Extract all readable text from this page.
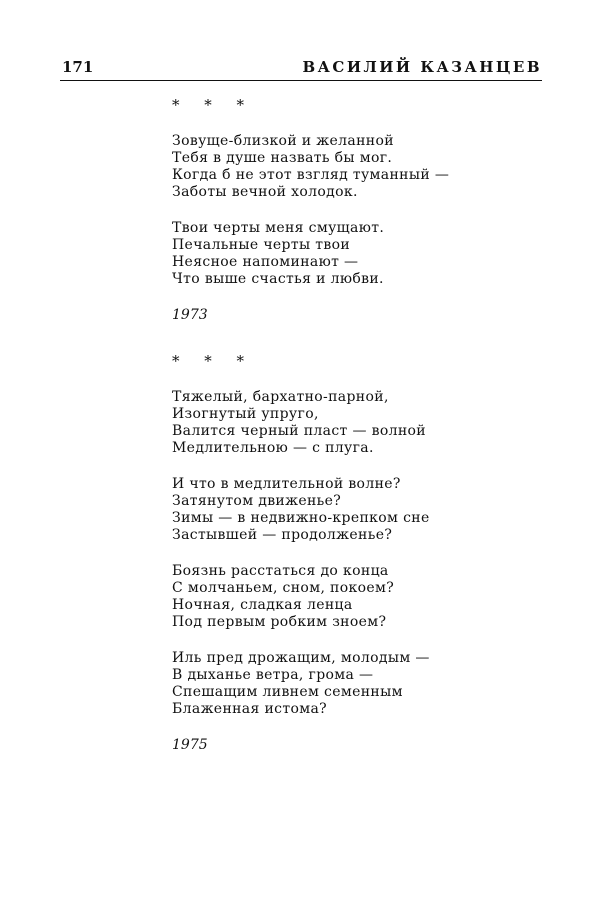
171	ВАСИЛИЙ КАЗАНЦЕВ
* * *
Зовуще-близкой и желанной
Тебя в душе назвать бы мог.
Когда б не этот взгляд туманный —
Заботы вечной холодок.
Твои черты меня смущают.
Печальные черты твои
Неясное напоминают —
Что выше счастья и любви.
1973
* * *
Тяжелый, бархатно-парной,
Изогнутый упруго,
Валится черный пласт — волной
Медлительною — с плуга.
И что в медлительной волне?
Затянутом движенье?
Зимы — в недвижно-крепком сне
Застывшей — продолженье?
Боязнь расстаться до конца
С молчаньем, сном, покоем?
Ночная, сладкая ленца
Под первым робким зноем?
Иль пред дрожащим, молодым —
В дыханье ветра, грома —
Спешащим ливнем семенным
Блаженная истома?
1975
